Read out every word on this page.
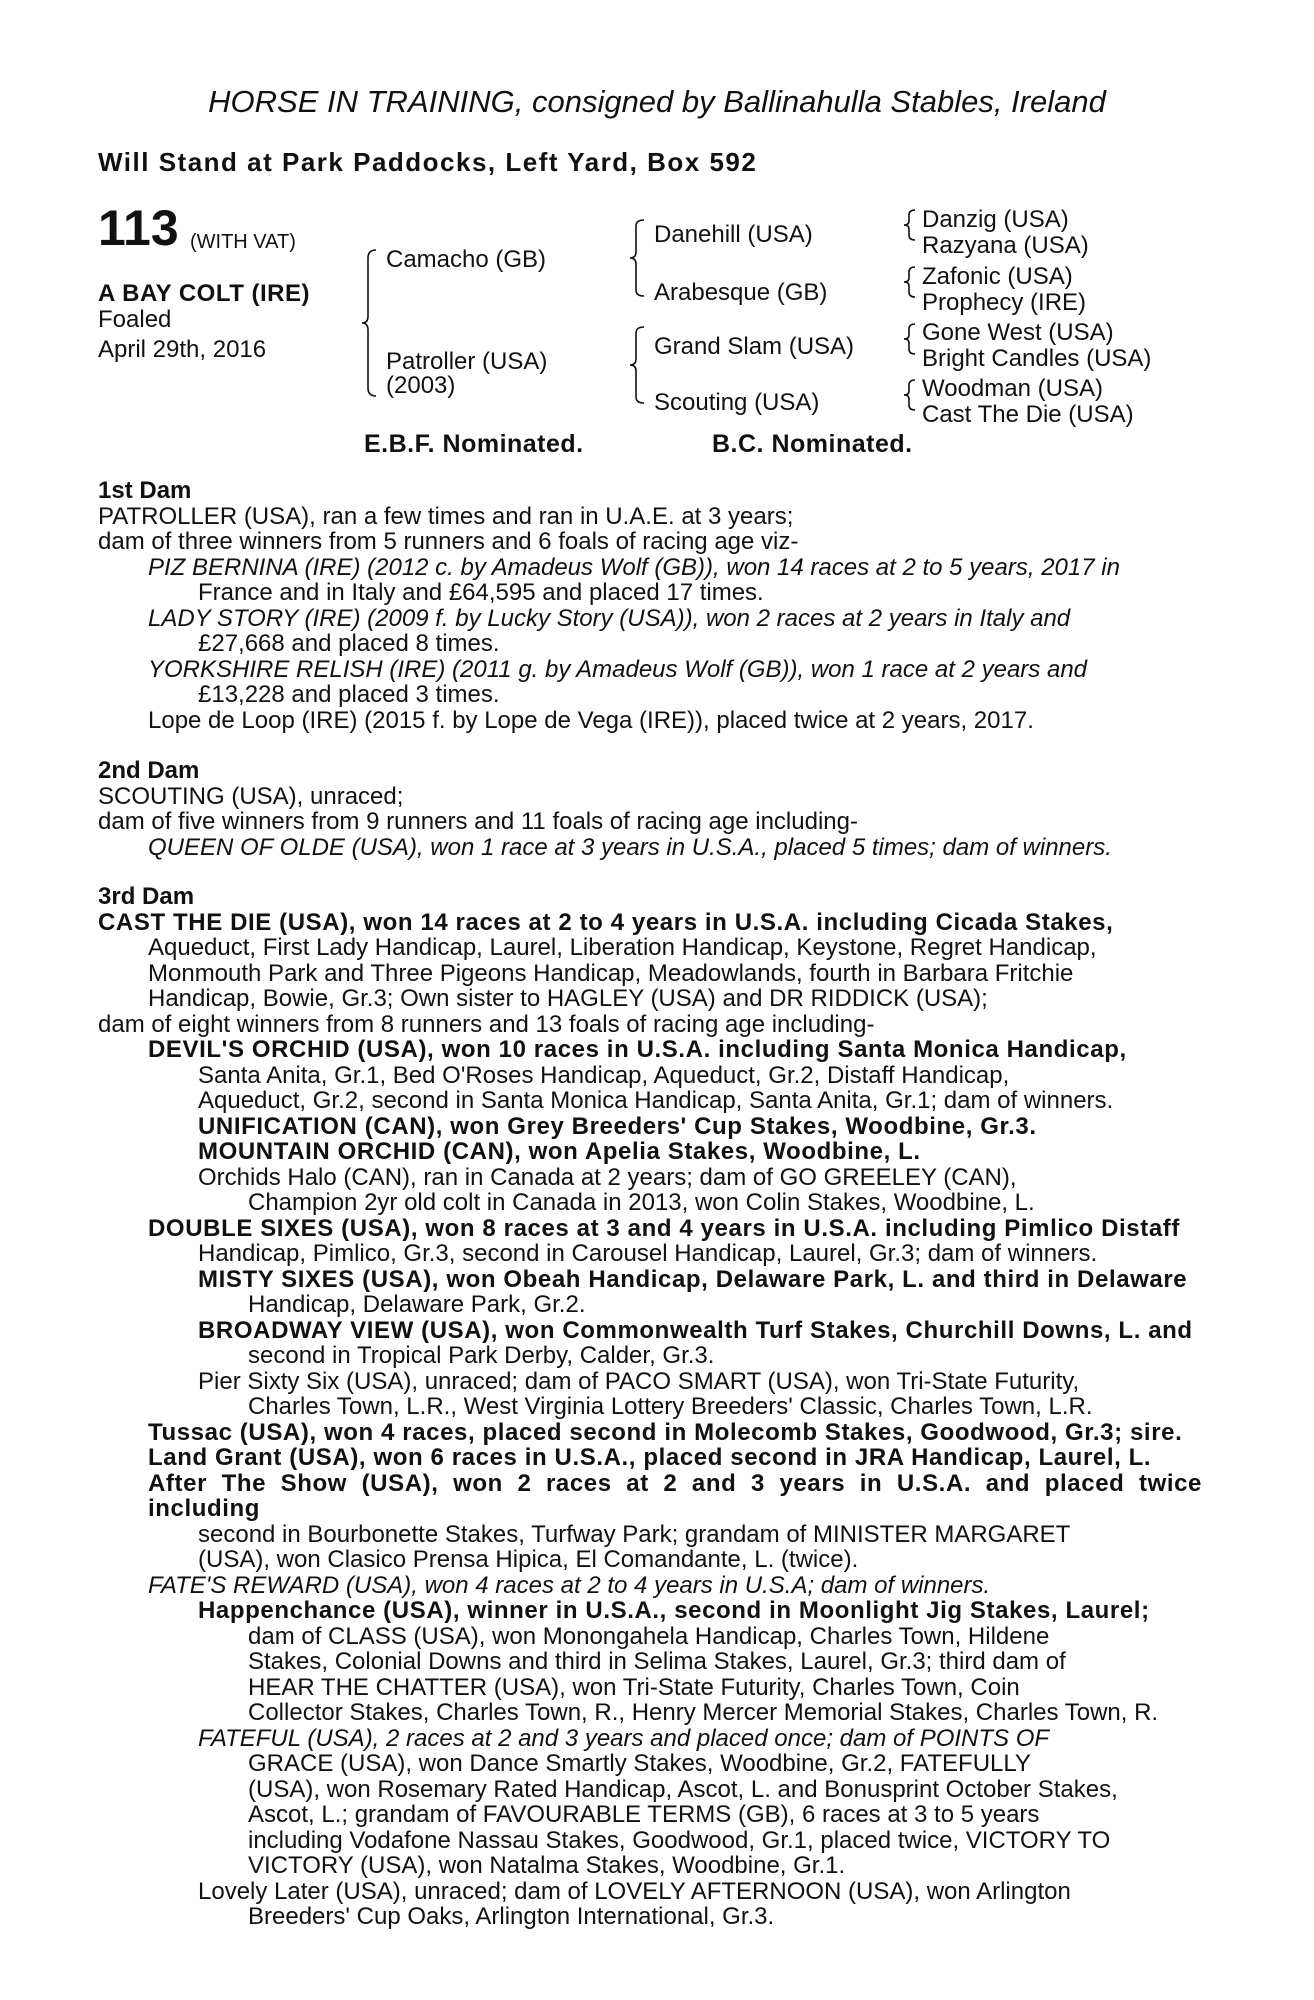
HORSE IN TRAINING, consigned by Ballinahulla Stables, Ireland
Will Stand at Park Paddocks, Left Yard, Box 592
113 (WITH VAT)
A BAY COLT (IRE)
Foaled
April 29th, 2016
Camacho (GB)
Patroller (USA)
(2003)
Danehill (USA)
Arabesque (GB)
Grand Slam (USA)
Scouting (USA)
Danzig (USA)
Razyana (USA)
Zafonic (USA)
Prophecy (IRE)
Gone West (USA)
Bright Candles (USA)
Woodman (USA)
Cast The Die (USA)
E.B.F. Nominated.	B.C. Nominated.
1st Dam
PATROLLER (USA), ran a few times and ran in U.A.E. at 3 years;
dam of three winners from 5 runners and 6 foals of racing age viz-
PIZ BERNINA (IRE) (2012 c. by Amadeus Wolf (GB)), won 14 races at 2 to 5 years, 2017 in
France and in Italy and £64,595 and placed 17 times.
LADY STORY (IRE) (2009 f. by Lucky Story (USA)), won 2 races at 2 years in Italy and
£27,668 and placed 8 times.
YORKSHIRE RELISH (IRE) (2011 g. by Amadeus Wolf (GB)), won 1 race at 2 years and
£13,228 and placed 3 times.
Lope de Loop (IRE) (2015 f. by Lope de Vega (IRE)), placed twice at 2 years, 2017.
2nd Dam
SCOUTING (USA), unraced;
dam of five winners from 9 runners and 11 foals of racing age including-
QUEEN OF OLDE (USA), won 1 race at 3 years in U.S.A., placed 5 times; dam of winners.
3rd Dam
CAST THE DIE (USA), won 14 races at 2 to 4 years in U.S.A. including Cicada Stakes,
Aqueduct, First Lady Handicap, Laurel, Liberation Handicap, Keystone, Regret Handicap,
Monmouth Park and Three Pigeons Handicap, Meadowlands, fourth in Barbara Fritchie
Handicap, Bowie, Gr.3; Own sister to HAGLEY (USA) and DR RIDDICK (USA);
dam of eight winners from 8 runners and 13 foals of racing age including-
DEVIL'S ORCHID (USA), won 10 races in U.S.A. including Santa Monica Handicap,
Santa Anita, Gr.1, Bed O'Roses Handicap, Aqueduct, Gr.2, Distaff Handicap,
Aqueduct, Gr.2, second in Santa Monica Handicap, Santa Anita, Gr.1; dam of winners.
UNIFICATION (CAN), won Grey Breeders' Cup Stakes, Woodbine, Gr.3.
MOUNTAIN ORCHID (CAN), won Apelia Stakes, Woodbine, L.
Orchids Halo (CAN), ran in Canada at 2 years; dam of GO GREELEY (CAN),
Champion 2yr old colt in Canada in 2013, won Colin Stakes, Woodbine, L.
DOUBLE SIXES (USA), won 8 races at 3 and 4 years in U.S.A. including Pimlico Distaff
Handicap, Pimlico, Gr.3, second in Carousel Handicap, Laurel, Gr.3; dam of winners.
MISTY SIXES (USA), won Obeah Handicap, Delaware Park, L. and third in Delaware
Handicap, Delaware Park, Gr.2.
BROADWAY VIEW (USA), won Commonwealth Turf Stakes, Churchill Downs, L. and
second in Tropical Park Derby, Calder, Gr.3.
Pier Sixty Six (USA), unraced; dam of PACO SMART (USA), won Tri-State Futurity,
Charles Town, L.R., West Virginia Lottery Breeders' Classic, Charles Town, L.R.
Tussac (USA), won 4 races, placed second in Molecomb Stakes, Goodwood, Gr.3; sire.
Land Grant (USA), won 6 races in U.S.A., placed second in JRA Handicap, Laurel, L.
After The Show (USA), won 2 races at 2 and 3 years in U.S.A. and placed twice including
second in Bourbonette Stakes, Turfway Park; grandam of MINISTER MARGARET
(USA), won Clasico Prensa Hipica, El Comandante, L. (twice).
FATE'S REWARD (USA), won 4 races at 2 to 4 years in U.S.A; dam of winners.
Happenchance (USA), winner in U.S.A., second in Moonlight Jig Stakes, Laurel;
dam of CLASS (USA), won Monongahela Handicap, Charles Town, Hildene
Stakes, Colonial Downs and third in Selima Stakes, Laurel, Gr.3; third dam of
HEAR THE CHATTER (USA), won Tri-State Futurity, Charles Town, Coin
Collector Stakes, Charles Town, R., Henry Mercer Memorial Stakes, Charles Town, R.
FATEFUL (USA), 2 races at 2 and 3 years and placed once; dam of POINTS OF
GRACE (USA), won Dance Smartly Stakes, Woodbine, Gr.2, FATEFULLY
(USA), won Rosemary Rated Handicap, Ascot, L. and Bonusprint October Stakes,
Ascot, L.; grandam of FAVOURABLE TERMS (GB), 6 races at 3 to 5 years
including Vodafone Nassau Stakes, Goodwood, Gr.1, placed twice, VICTORY TO
VICTORY (USA), won Natalma Stakes, Woodbine, Gr.1.
Lovely Later (USA), unraced; dam of LOVELY AFTERNOON (USA), won Arlington
Breeders' Cup Oaks, Arlington International, Gr.3.
